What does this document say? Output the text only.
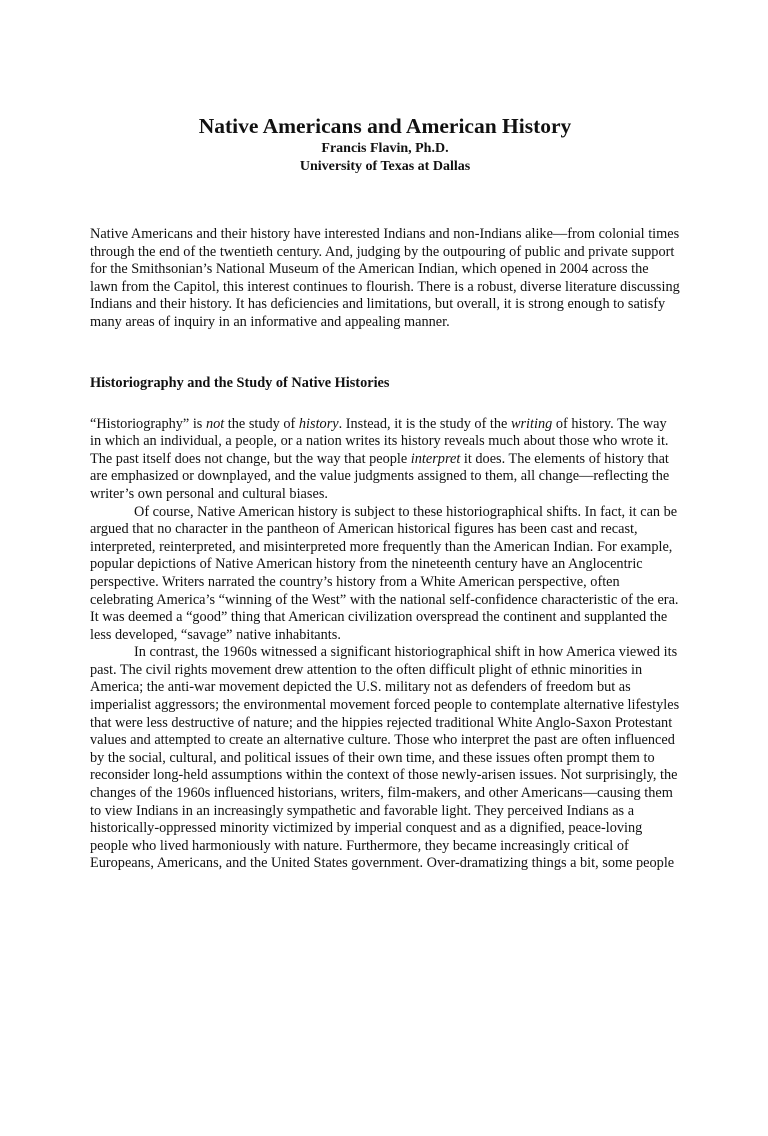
Native Americans and American History
Francis Flavin, Ph.D.
University of Texas at Dallas

Native Americans and their history have interested Indians and non-Indians alike—from colonial times through the end of the twentieth century. And, judging by the outpouring of public and private support for the Smithsonian’s National Museum of the American Indian, which opened in 2004 across the lawn from the Capitol, this interest continues to flourish. There is a robust, diverse literature discussing Indians and their history. It has deficiencies and limitations, but overall, it is strong enough to satisfy many areas of inquiry in an informative and appealing manner.

Historiography and the Study of Native Histories

“Historiography” is not the study of history. Instead, it is the study of the writing of history. The way in which an individual, a people, or a nation writes its history reveals much about those who wrote it. The past itself does not change, but the way that people interpret it does. The elements of history that are emphasized or downplayed, and the value judgments assigned to them, all change—reflecting the writer’s own personal and cultural biases.

Of course, Native American history is subject to these historiographical shifts. In fact, it can be argued that no character in the pantheon of American historical figures has been cast and recast, interpreted, reinterpreted, and misinterpreted more frequently than the American Indian. For example, popular depictions of Native American history from the nineteenth century have an Anglocentric perspective. Writers narrated the country’s history from a White American perspective, often celebrating America’s “winning of the West” with the national self-confidence characteristic of the era. It was deemed a “good” thing that American civilization overspread the continent and supplanted the less developed, “savage” native inhabitants.

In contrast, the 1960s witnessed a significant historiographical shift in how America viewed its past. The civil rights movement drew attention to the often difficult plight of ethnic minorities in America; the anti-war movement depicted the U.S. military not as defenders of freedom but as imperialist aggressors; the environmental movement forced people to contemplate alternative lifestyles that were less destructive of nature; and the hippies rejected traditional White Anglo-Saxon Protestant values and attempted to create an alternative culture. Those who interpret the past are often influenced by the social, cultural, and political issues of their own time, and these issues often prompt them to reconsider long-held assumptions within the context of those newly-arisen issues. Not surprisingly, the changes of the 1960s influenced historians, writers, film-makers, and other Americans—causing them to view Indians in an increasingly sympathetic and favorable light. They perceived Indians as a historically-oppressed minority victimized by imperial conquest and as a dignified, peace-loving people who lived harmoniously with nature. Furthermore, they became increasingly critical of Europeans, Americans, and the United States government. Over-dramatizing things a bit, some people
